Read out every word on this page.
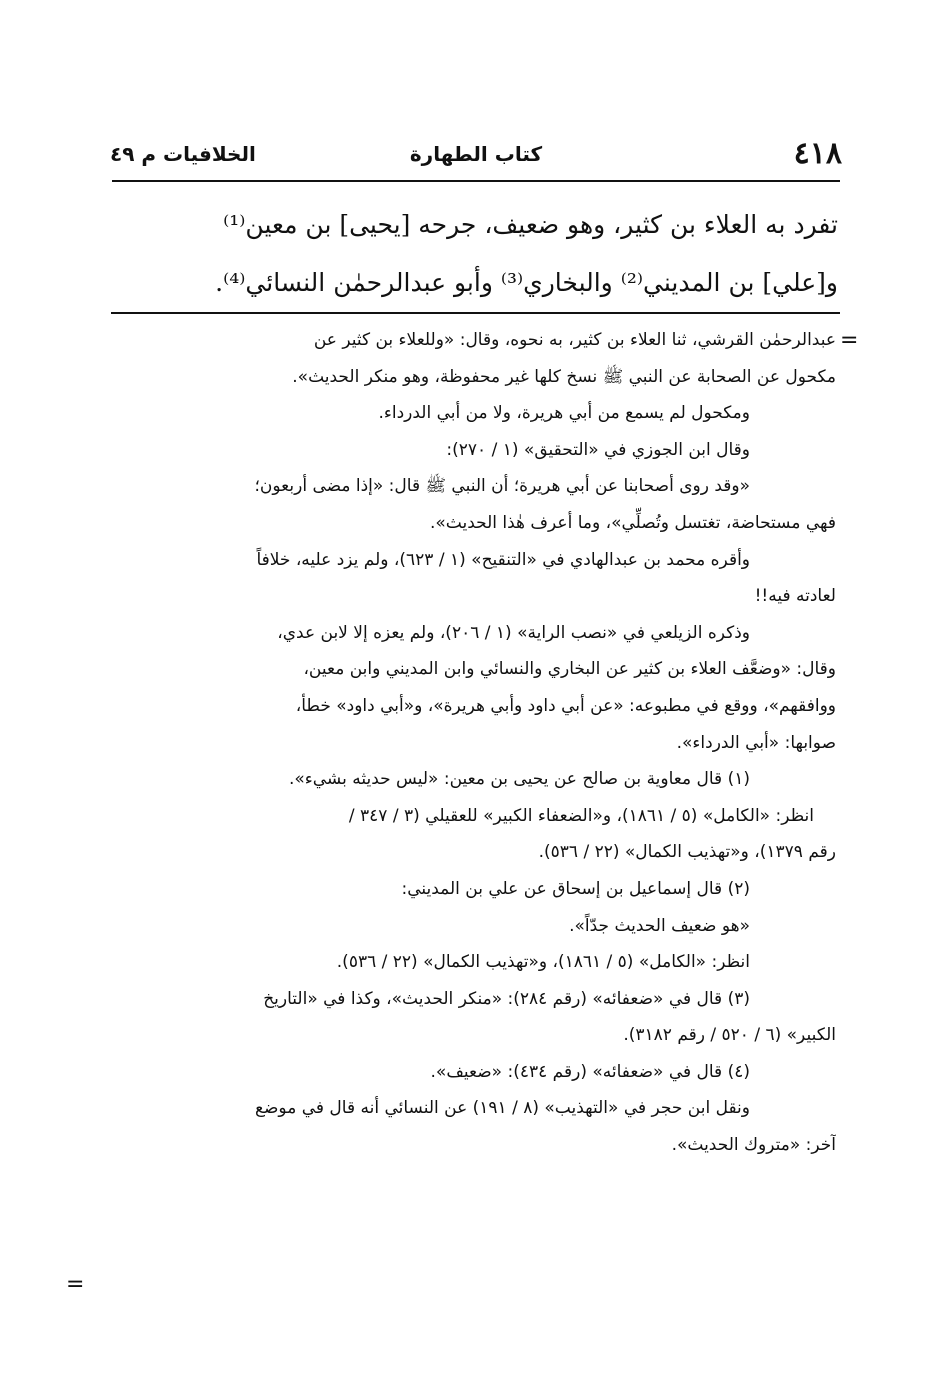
٤١٨
كتاب الطهارة
الخلافيات م ٤٩

تفرد به العلاء بن كثير، وهو ضعيف، جرحه [يحيى] بن معين⁽¹⁾

و[علي] بن المديني⁽²⁾ والبخاري⁽³⁾ وأبو عبدالرحمٰن النسائي⁽⁴⁾.

=
عبدالرحمٰن القرشي، ثنا العلاء بن كثير، به نحوه، وقال: «وللعلاء بن كثير عن
مكحول عن الصحابة عن النبي ﷺ نسخ كلها غير محفوظة، وهو منكر الحديث».
ومكحول لم يسمع من أبي هريرة، ولا من أبي الدرداء.
وقال ابن الجوزي في «التحقيق» (١ / ٢٧٠):
«وقد روى أصحابنا عن أبي هريرة؛ أن النبي ﷺ قال: «إذا مضى أربعون؛
فهي مستحاضة، تغتسل وتُصلِّي»، وما أعرف هٰذا الحديث».
وأقره محمد بن عبدالهادي في «التنقيح» (١ / ٦٢٣)، ولم يزد عليه، خلافاً
لعادته فيه!!
وذكره الزيلعي في «نصب الراية» (١ / ٢٠٦)، ولم يعزه إلا لابن عدي،
وقال: «وضعَّف العلاء بن كثير عن البخاري والنسائي وابن المديني وابن معين،
ووافقهم»، ووقع في مطبوعه: «عن أبي داود وأبي هريرة»، و«أبي داود» خطأ،
صوابها: «أبي الدرداء».
(١) قال معاوية بن صالح عن يحيى بن معين: «ليس حديثه بشيء».
انظر: «الكامل» (٥ / ١٨٦١)، و«الضعفاء الكبير» للعقيلي (٣ / ٣٤٧ /
رقم ١٣٧٩)، و«تهذيب الكمال» (٢٢ / ٥٣٦).
(٢) قال إسماعيل بن إسحاق عن علي بن المديني:
«هو ضعيف الحديث جدّاً».
انظر: «الكامل» (٥ / ١٨٦١)، و«تهذيب الكمال» (٢٢ / ٥٣٦).
(٣) قال في «ضعفائه» (رقم ٢٨٤): «منكر الحديث»، وكذا في «التاريخ
الكبير» (٦ / ٥٢٠ / رقم ٣١٨٢).
(٤) قال في «ضعفائه» (رقم ٤٣٤): «ضعيف».
ونقل ابن حجر في «التهذيب» (٨ / ١٩١) عن النسائي أنه قال في موضع
آخر: «متروك الحديث».
=
